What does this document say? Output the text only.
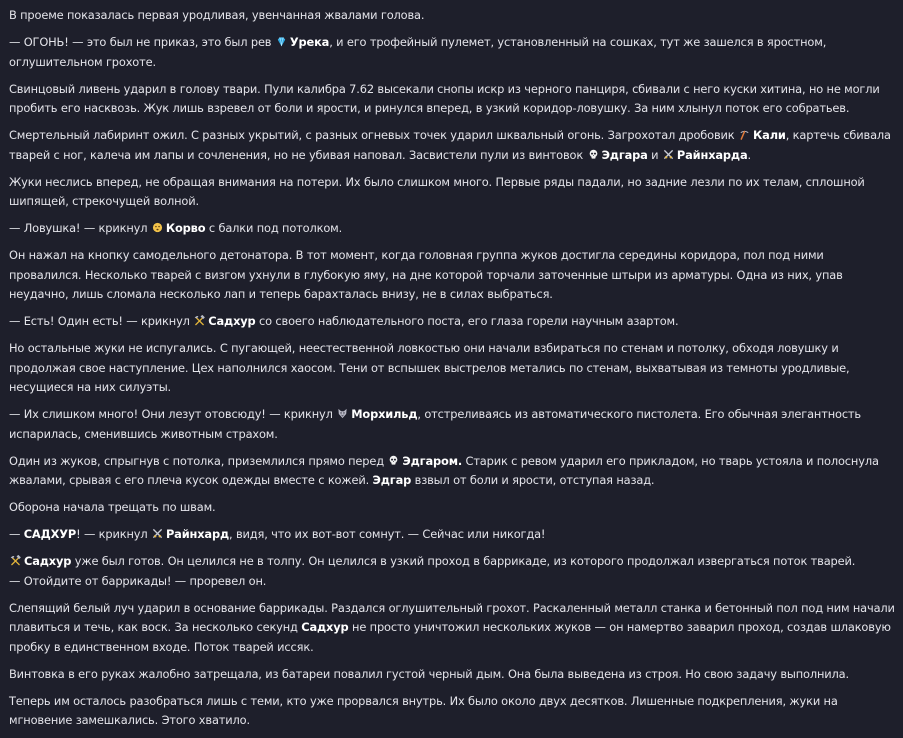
В проеме показалась первая уродливая, увенчанная жвалами голова.

— ОГОНЬ! — это был не приказ, это был рев
Урека, и его трофейный пулемет, установленный на сошках, тут же зашелся в яростном, оглушительном грохоте.

Свинцовый ливень ударил в голову твари. Пули калибра 7.62 высекали снопы искр из черного панциря, сбивали с него куски хитина, но не могли пробить его насквозь. Жук лишь взревел от боли и ярости, и ринулся вперед, в узкий коридор-ловушку. За ним хлынул поток его собратьев.

Смертельный лабиринт ожил. С разных укрытий, с разных огневых точек ударил шквальный огонь. Загрохотал дробовик
Кали, картечь сбивала тварей с ног, калеча им лапы и сочленения, но не убивая наповал. Засвистели пули из винтовок
Эдгара и
Райнхарда.

Жуки неслись вперед, не обращая внимания на потери. Их было слишком много. Первые ряды падали, но задние лезли по их телам, сплошной шипящей, стрекочущей волной.

— Ловушка! — крикнул
Корво с балки под потолком.

Он нажал на кнопку самодельного детонатора. В тот момент, когда головная группа жуков достигла середины коридора, пол под ними провалился. Несколько тварей с визгом ухнули в глубокую яму, на дне которой торчали заточенные штыри из арматуры. Одна из них, упав неудачно, лишь сломала несколько лап и теперь барахталась внизу, не в силах выбраться.

— Есть! Один есть! — крикнул
Садхур со своего наблюдательного поста, его глаза горели научным азартом.

Но остальные жуки не испугались. С пугающей, неестественной ловкостью они начали взбираться по стенам и потолку, обходя ловушку и продолжая свое наступление. Цех наполнился хаосом. Тени от вспышек выстрелов метались по стенам, выхватывая из темноты уродливые, несущиеся на них силуэты.

— Их слишком много! Они лезут отовсюду! — крикнул
Морхильд, отстреливаясь из автоматического пистолета. Его обычная элегантность испарилась, сменившись животным страхом.

Один из жуков, спрыгнув с потолка, приземлился прямо перед
Эдгаром. Старик с ревом ударил его прикладом, но тварь устояла и полоснула жвалами, срывая с его плеча кусок одежды вместе с кожей. Эдгар взвыл от боли и ярости, отступая назад.

Оборона начала трещать по швам.

— САДХУР! — крикнул
Райнхард, видя, что их вот-вот сомнут. — Сейчас или никогда!

Садхур уже был готов. Он целился не в толпу. Он целился в узкий проход в баррикаде, из которого продолжал извергаться поток тварей.
— Отойдите от баррикады! — проревел он.

Слепящий белый луч ударил в основание баррикады. Раздался оглушительный грохот. Раскаленный металл станка и бетонный пол под ним начали плавиться и течь, как воск. За несколько секунд Садхур не просто уничтожил нескольких жуков — он намертво заварил проход, создав шлаковую пробку в единственном входе. Поток тварей иссяк.

Винтовка в его руках жалобно затрещала, из батареи повалил густой черный дым. Она была выведена из строя. Но свою задачу выполнила.

Теперь им осталось разобраться лишь с теми, кто уже прорвался внутрь. Их было около двух десятков. Лишенные подкрепления, жуки на мгновение замешкались. Этого хватило.
